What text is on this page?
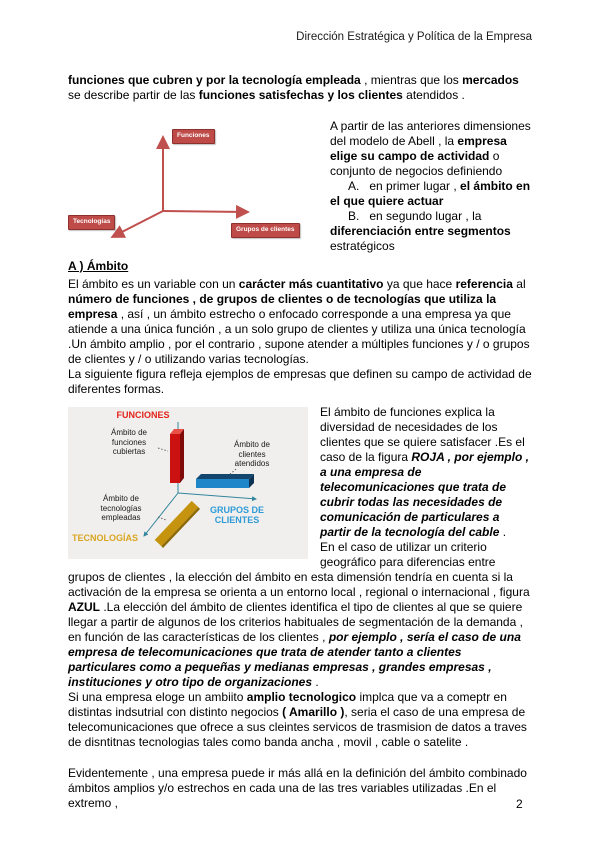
Dirección Estratégica y Política de la Empresa

funciones que cubren y por la tecnología empleada , mientras que los mercados se describe partir de las funciones satisfechas y los clientes atendidos .

Funciones
Tecnologías
Grupos de clientes

A partir de las anteriores dimensiones del modelo de Abell , la empresa elige su campo de actividad o conjunto de negocios definiendo

A.   en primer lugar , el ámbito en el que quiere actuar

B.   en segundo lugar , la diferenciación entre segmentos estratégicos

A ) Ámbito

El ámbito es un variable con un carácter más cuantitativo ya que hace referencia al número de funciones , de grupos de clientes o de tecnologías que utiliza la empresa , así , un ámbito estrecho o enfocado corresponde a una empresa ya que atiende a una única función , a un solo grupo de clientes y utiliza una única tecnología .Un ámbito amplio , por el contrario , supone atender a múltiples funciones y / o grupos de clientes y / o utilizando varias tecnologías.

La siguiente figura refleja ejemplos de empresas que definen su campo de actividad de diferentes formas.

FUNCIONES
Ámbito de funciones cubiertas
Ámbito de clientes atendidos
Ámbito de tecnologías empleadas
GRUPOS DE CLIENTES
TECNOLOGÍAS

El ámbito de funciones explica la diversidad de necesidades de los clientes que se quiere satisfacer .Es el caso de la figura ROJA , por ejemplo , a una empresa de telecomunicaciones que trata de cubrir todas las necesidades de comunicación de particulares a partir de la tecnología del cable .

En el caso de utilizar un criterio geográfico para diferencias entre grupos de clientes , la elección del ámbito en esta dimensión tendría en cuenta si la activación de la empresa se orienta a un entorno local , regional o internacional , figura AZUL .La elección del ámbito de clientes identifica el tipo de clientes al que se quiere llegar a partir de algunos de los criterios habituales de segmentación de la demanda , en función de las características de los clientes , por ejemplo , sería el caso de una empresa de telecomunicaciones que trata de atender tanto a clientes particulares como a pequeñas y medianas empresas , grandes empresas , instituciones y otro tipo de organizaciones .

Si una empresa eloge un ambiito amplio tecnologico implca que va a comeptr en distintas indsutrial con distinto negocios ( Amarillo ), seria el caso de una empresa de telecomunicaciones que ofrece a sus cleintes servicos de trasmision de datos a traves de disntitnas tecnologias tales como banda ancha , movil , cable o satelite .

Evidentemente , una empresa puede ir más allá en la definición del ámbito combinado ámbitos amplios y/o estrechos en cada una de las tres variables utilizadas .En el extremo ,	2
